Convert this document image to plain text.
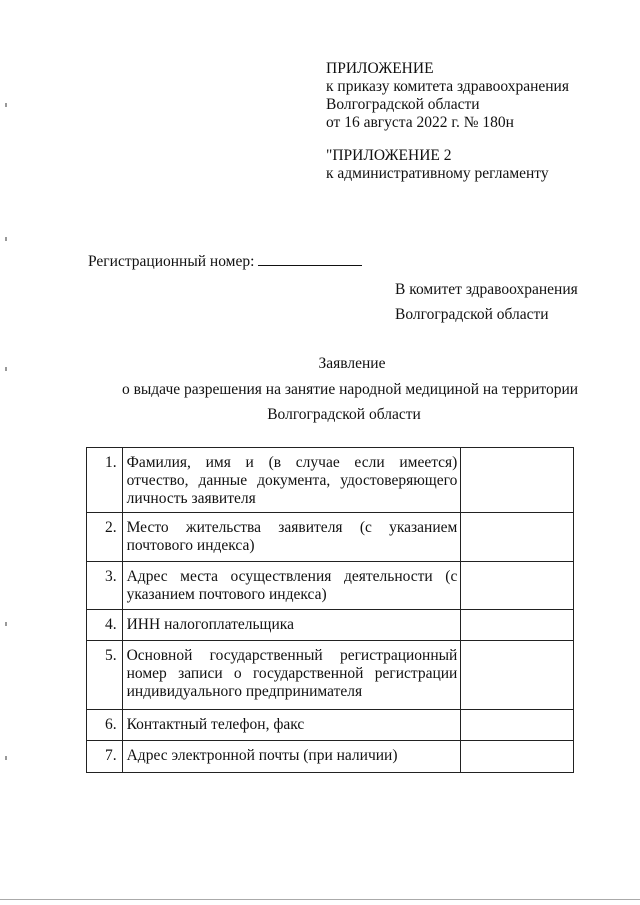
ПРИЛОЖЕНИЕ
к приказу комитета здравоохранения
Волгоградской области
от 16 августа 2022 г. № 180н
"ПРИЛОЖЕНИЕ 2
к административному регламенту
Регистрационный номер:
В комитет здравоохранения
Волгоградской области
Заявление
о выдаче разрешения на занятие народной медициной на территории
Волгоградской области
1.	Фамилия, имя и (в случае если имеется) отчество, данные документа, удостоверяющего личность заявителя	
2.	Место жительства заявителя (с указанием почтового индекса)	
3.	Адрес места осуществления деятельности (с указанием почтового индекса)	
4.	ИНН налогоплательщика	
5.	Основной государственный регистрационный номер записи о государственной регистрации индивидуального предпринимателя	
6.	Контактный телефон, факс	
7.	Адрес электронной почты (при наличии)	
